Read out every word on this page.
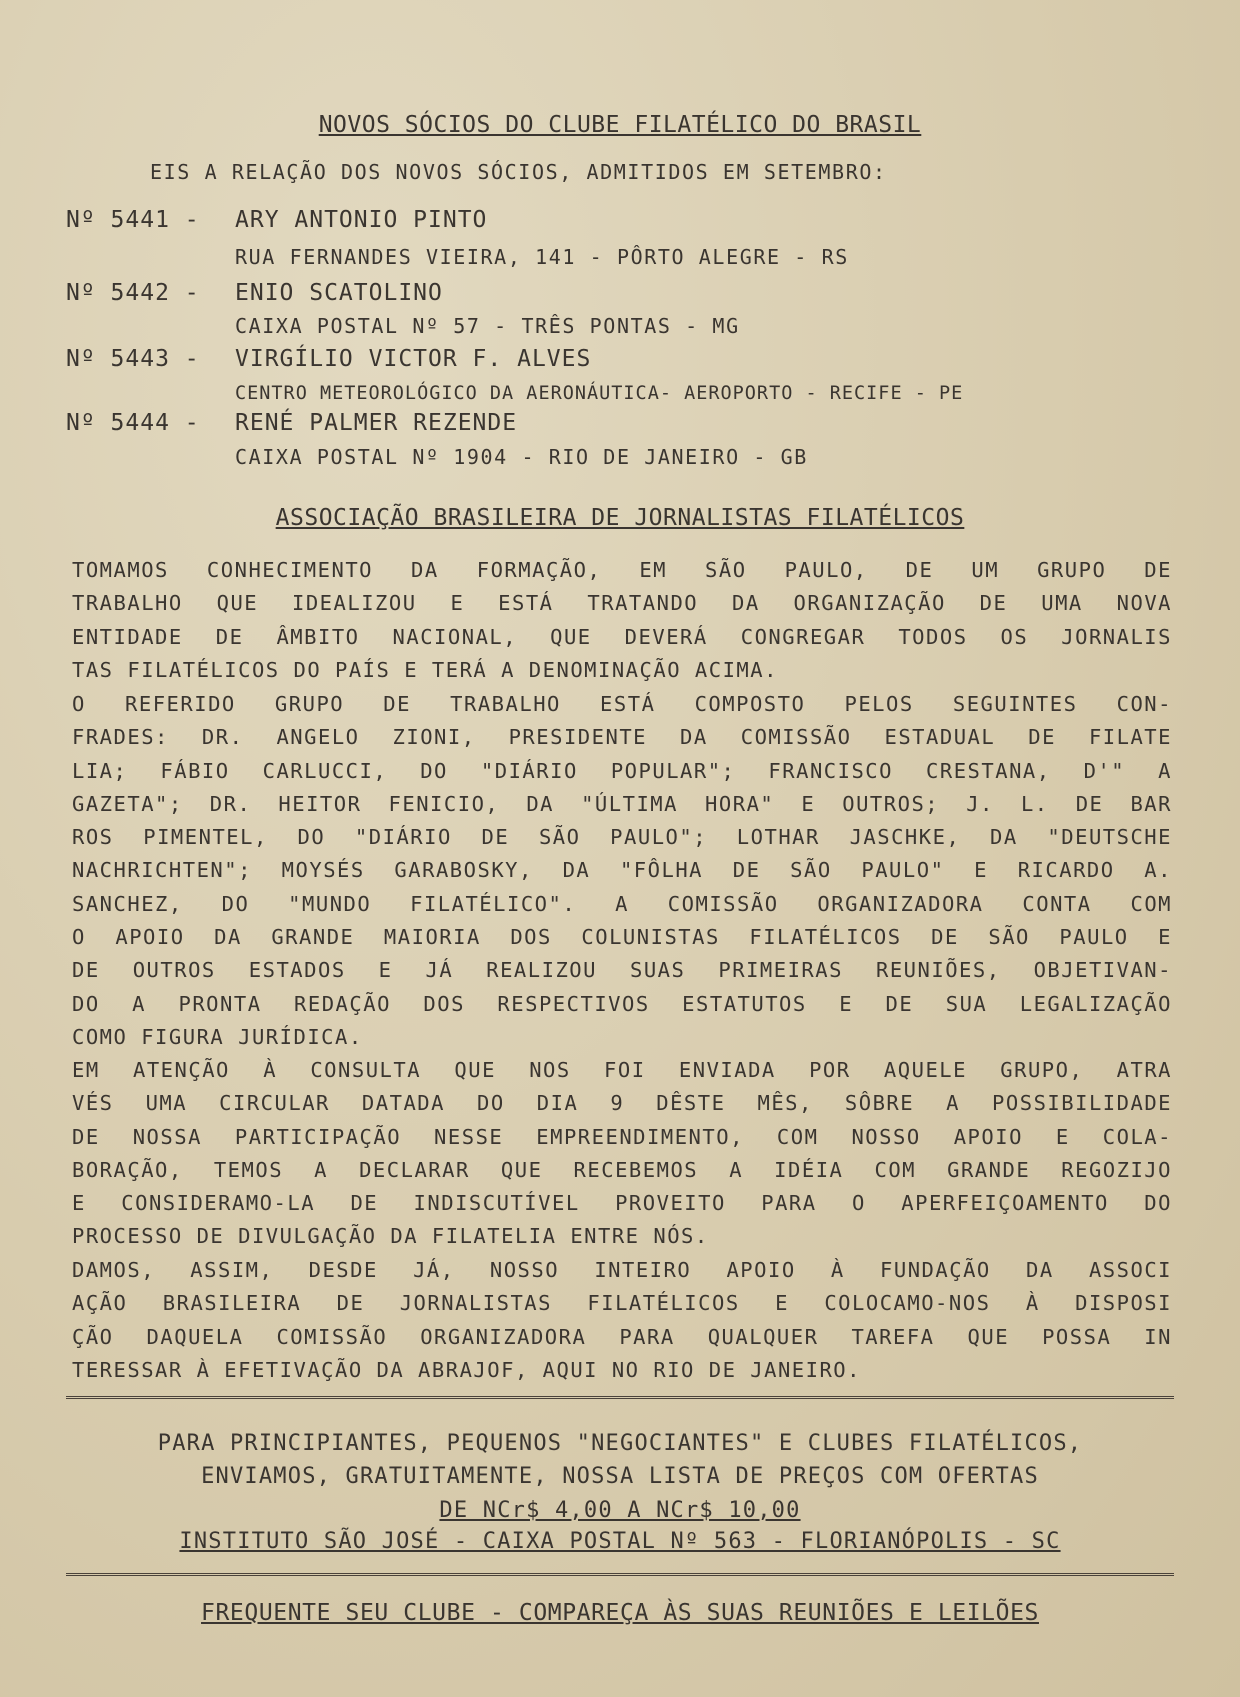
NOVOS SÓCIOS DO CLUBE FILATÉLICO DO BRASIL
EIS A RELAÇÃO DOS NOVOS SÓCIOS, ADMITIDOS EM SETEMBRO:
Nº 5441 - ARY ANTONIO PINTO
RUA FERNANDES VIEIRA, 141 - PÔRTO ALEGRE - RS
Nº 5442 - ENIO SCATOLINO
CAIXA POSTAL Nº 57 - TRÊS PONTAS - MG
Nº 5443 - VIRGÍLIO VICTOR F. ALVES
CENTRO METEOROLÓGICO DA AERONÁUTICA- AEROPORTO - RECIFE - PE
Nº 5444 - RENÉ PALMER REZENDE
CAIXA POSTAL Nº 1904 - RIO DE JANEIRO - GB
ASSOCIAÇÃO BRASILEIRA DE JORNALISTAS FILATÉLICOS
TOMAMOS CONHECIMENTO DA FORMAÇÃO, EM SÃO PAULO, DE UM GRUPO DE
TRABALHO QUE IDEALIZOU E ESTÁ TRATANDO DA ORGANIZAÇÃO DE UMA NOVA
ENTIDADE DE ÂMBITO NACIONAL, QUE DEVERÁ CONGREGAR TODOS OS JORNALIS
TAS FILATÉLICOS DO PAÍS E TERÁ A DENOMINAÇÃO ACIMA.
O REFERIDO GRUPO DE TRABALHO ESTÁ COMPOSTO PELOS SEGUINTES CON-
FRADES: DR. ANGELO ZIONI, PRESIDENTE DA COMISSÃO ESTADUAL DE FILATE
LIA; FÁBIO CARLUCCI, DO "DIÁRIO POPULAR"; FRANCISCO CRESTANA, D'" A
GAZETA"; DR. HEITOR FENICIO, DA "ÚLTIMA HORA" E OUTROS; J. L. DE BAR
ROS PIMENTEL, DO "DIÁRIO DE SÃO PAULO"; LOTHAR JASCHKE, DA "DEUTSCHE
NACHRICHTEN"; MOYSÉS GARABOSKY, DA "FÔLHA DE SÃO PAULO" E RICARDO A.
SANCHEZ, DO "MUNDO FILATÉLICO". A COMISSÃO ORGANIZADORA CONTA COM
O APOIO DA GRANDE MAIORIA DOS COLUNISTAS FILATÉLICOS DE SÃO PAULO E
DE OUTROS ESTADOS E JÁ REALIZOU SUAS PRIMEIRAS REUNIÕES, OBJETIVAN-
DO A PRONTA REDAÇÃO DOS RESPECTIVOS ESTATUTOS E DE SUA LEGALIZAÇÃO
COMO FIGURA JURÍDICA.
EM ATENÇÃO À CONSULTA QUE NOS FOI ENVIADA POR AQUELE GRUPO, ATRA
VÉS UMA CIRCULAR DATADA DO DIA 9 DÊSTE MÊS, SÔBRE A POSSIBILIDADE
DE NOSSA PARTICIPAÇÃO NESSE EMPREENDIMENTO, COM NOSSO APOIO E COLA-
BORAÇÃO, TEMOS A DECLARAR QUE RECEBEMOS A IDÉIA COM GRANDE REGOZIJO
E CONSIDERAMO-LA DE INDISCUTÍVEL PROVEITO PARA O APERFEIÇOAMENTO DO
PROCESSO DE DIVULGAÇÃO DA FILATELIA ENTRE NÓS.
DAMOS, ASSIM, DESDE JÁ, NOSSO INTEIRO APOIO À FUNDAÇÃO DA ASSOCI
AÇÃO BRASILEIRA DE JORNALISTAS FILATÉLICOS E COLOCAMO-NOS À DISPOSI
ÇÃO DAQUELA COMISSÃO ORGANIZADORA PARA QUALQUER TAREFA QUE POSSA IN
TERESSAR À EFETIVAÇÃO DA ABRAJOF, AQUI NO RIO DE JANEIRO.
PARA PRINCIPIANTES, PEQUENOS "NEGOCIANTES" E CLUBES FILATÉLICOS,
ENVIAMOS, GRATUITAMENTE, NOSSA LISTA DE PREÇOS COM OFERTAS
DE NCr$ 4,00 A NCr$ 10,00
INSTITUTO SÃO JOSÉ - CAIXA POSTAL Nº 563 - FLORIANÓPOLIS - SC
FREQUENTE SEU CLUBE - COMPAREÇA ÀS SUAS REUNIÕES E LEILÕES
